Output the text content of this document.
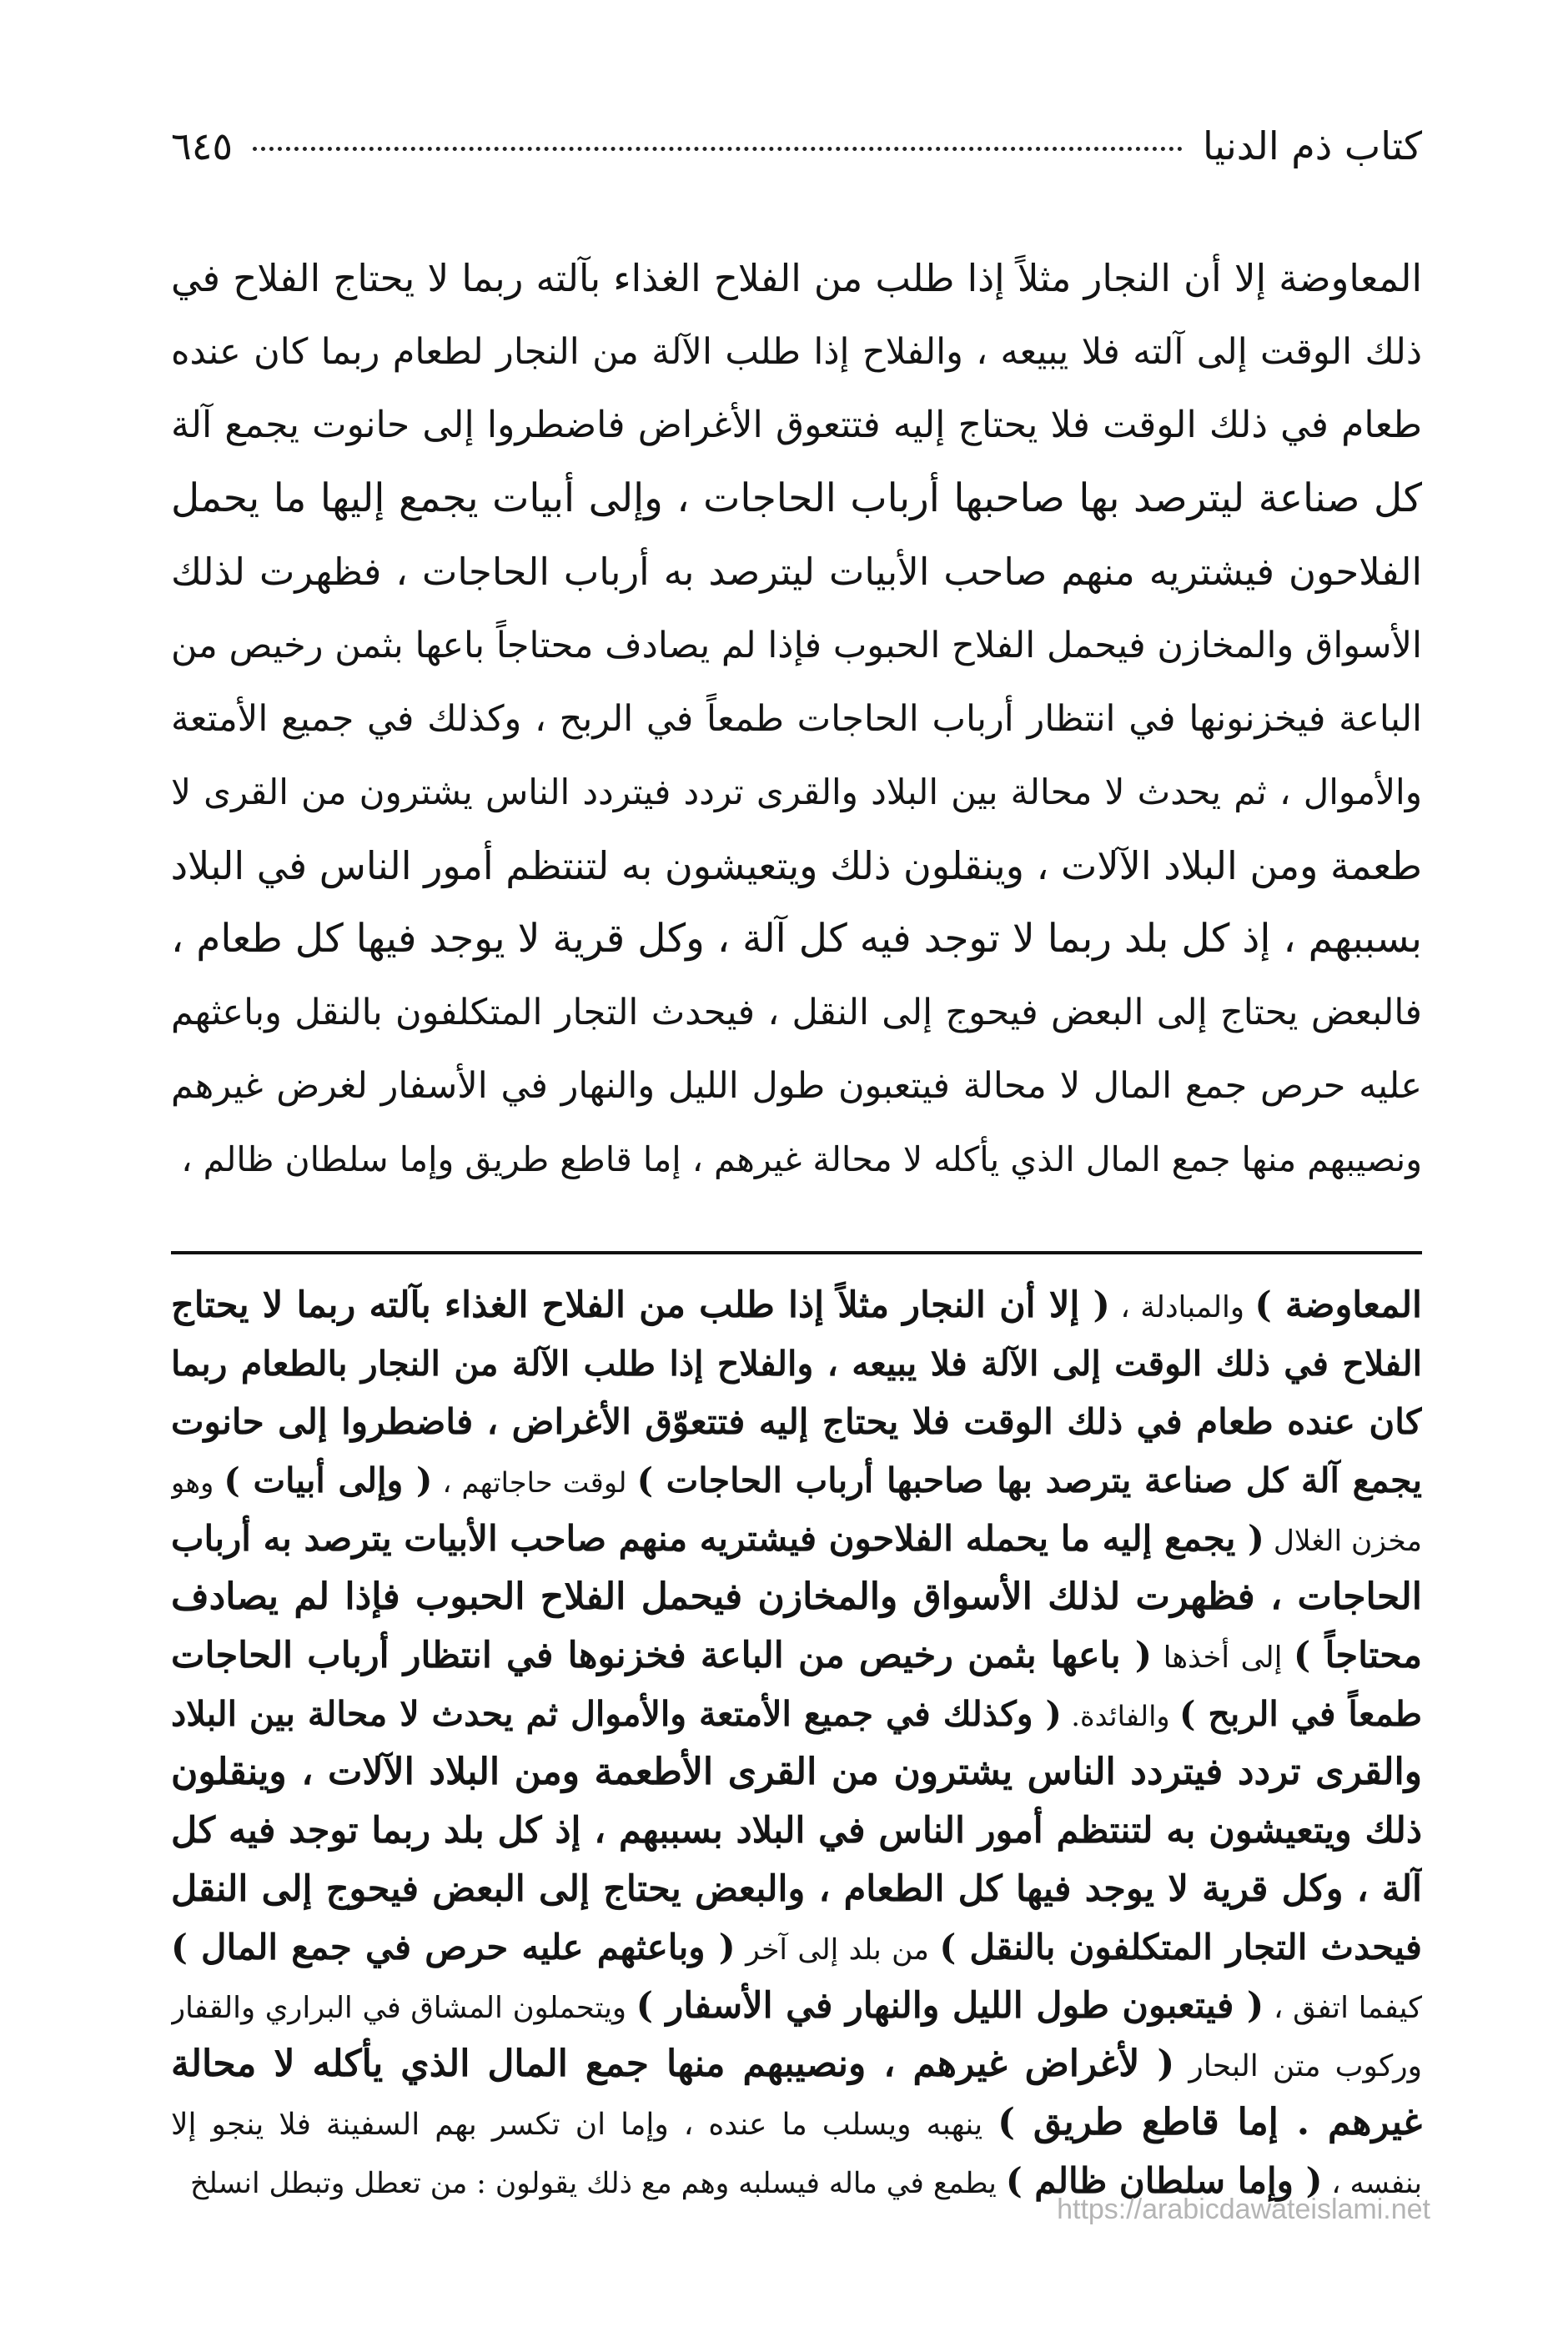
كتاب ذم الدنيا
٦٤٥
المعاوضة إلا أن النجار مثلاً إذا طلب من الفلاح الغذاء بآلته ربما لا يحتاج الفلاح في
ذلك الوقت إلى آلته فلا يبيعه ، والفلاح إذا طلب الآلة من النجار لطعام ربما كان عنده
طعام في ذلك الوقت فلا يحتاج إليه فتتعوق الأغراض فاضطروا إلى حانوت يجمع آلة
كل صناعة ليترصد بها صاحبها أرباب الحاجات ، وإلى أبيات يجمع إليها ما يحمل
الفلاحون فيشتريه منهم صاحب الأبيات ليترصد به أرباب الحاجات ، فظهرت لذلك
الأسواق والمخازن فيحمل الفلاح الحبوب فإذا لم يصادف محتاجاً باعها بثمن رخيص من
الباعة فيخزنونها في انتظار أرباب الحاجات طمعاً في الربح ، وكذلك في جميع الأمتعة
والأموال ، ثم يحدث لا محالة بين البلاد والقرى تردد فيتردد الناس يشترون من القرى لا
طعمة ومن البلاد الآلات ، وينقلون ذلك ويتعيشون به لتنتظم أمور الناس في البلاد
بسببهم ، إذ كل بلد ربما لا توجد فيه كل آلة ، وكل قرية لا يوجد فيها كل طعام ،
فالبعض يحتاج إلى البعض فيحوج إلى النقل ، فيحدث التجار المتكلفون بالنقل وباعثهم
عليه حرص جمع المال لا محالة فيتعبون طول الليل والنهار في الأسفار لغرض غيرهم
ونصيبهم منها جمع المال الذي يأكله لا محالة غيرهم ، إما قاطع طريق وإما سلطان ظالم ،
المعاوضة ) والمبادلة ، ( إلا أن النجار مثلاً إذا طلب من الفلاح الغذاء بآلته ربما لا يحتاج
الفلاح في ذلك الوقت إلى الآلة فلا يبيعه ، والفلاح إذا طلب الآلة من النجار بالطعام ربما
كان عنده طعام في ذلك الوقت فلا يحتاج إليه فتتعوّق الأغراض ، فاضطروا إلى حانوت
يجمع آلة كل صناعة يترصد بها صاحبها أرباب الحاجات ) لوقت حاجاتهم ، ( وإلى أبيات ) وهو
مخزن الغلال ( يجمع إليه ما يحمله الفلاحون فيشتريه منهم صاحب الأبيات يترصد به أرباب
الحاجات ، فظهرت لذلك الأسواق والمخازن فيحمل الفلاح الحبوب فإذا لم يصادف
محتاجاً ) إلى أخذها ( باعها بثمن رخيص من الباعة فخزنوها في انتظار أرباب الحاجات
طمعاً في الربح ) والفائدة. ( وكذلك في جميع الأمتعة والأموال ثم يحدث لا محالة بين البلاد
والقرى تردد فيتردد الناس يشترون من القرى الأطعمة ومن البلاد الآلات ، وينقلون
ذلك ويتعيشون به لتنتظم أمور الناس في البلاد بسببهم ، إذ كل بلد ربما توجد فيه كل
آلة ، وكل قرية لا يوجد فيها كل الطعام ، والبعض يحتاج إلى البعض فيحوج إلى النقل
فيحدث التجار المتكلفون بالنقل ) من بلد إلى آخر ( وباعثهم عليه حرص في جمع المال )
كيفما اتفق ، ( فيتعبون طول الليل والنهار في الأسفار ) ويتحملون المشاق في البراري والقفار
وركوب متن البحار ( لأغراض غيرهم ، ونصيبهم منها جمع المال الذي يأكله لا محالة
غيرهم . إما قاطع طريق ) ينهبه ويسلب ما عنده ، وإما ان تكسر بهم السفينة فلا ينجو إلا
بنفسه ، ( وإما سلطان ظالم ) يطمع في ماله فيسلبه وهم مع ذلك يقولون : من تعطل وتبطل انسلخ
https://arabicdawateislami.net
